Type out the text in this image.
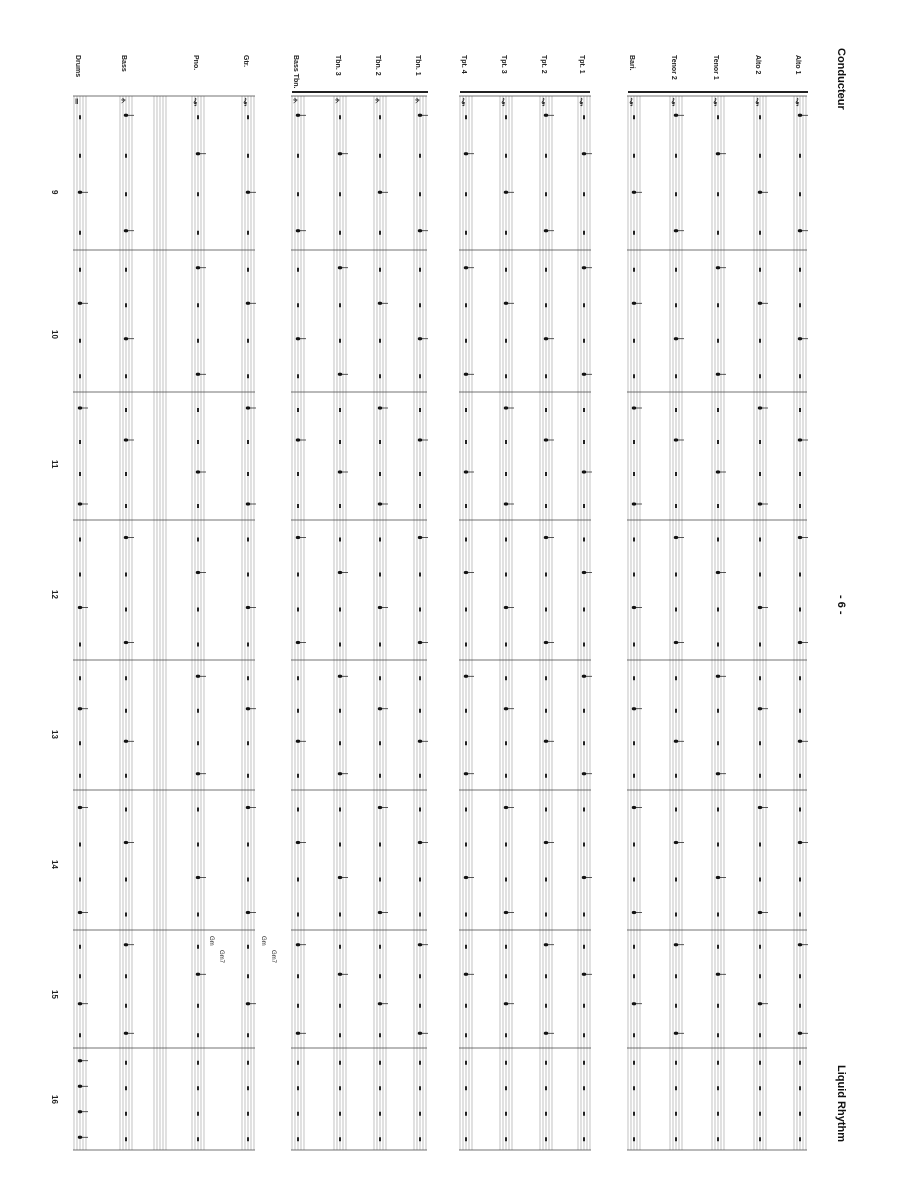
Conducteur
- 6 -
Liquid Rhythm
𝄞
𝄞
𝄞
𝄞
𝄞
𝄞
𝄞
𝄞
𝄞
𝄢
𝄢
𝄢
𝄢
𝄞
𝄞
𝄢
‖
Alto 1
Alto 2
Tenor 1
Tenor 2
Bari.
Tpt. 1
Tpt. 2
Tpt. 3
Tpt. 4
Tbn. 1
Tbn. 2
Tbn. 3
Bass Tbn.
Gtr.
Pno.
Bass
Drums
9
10
11
12
13
14
15
16
Gm
Gm7
Gm
Gm7
